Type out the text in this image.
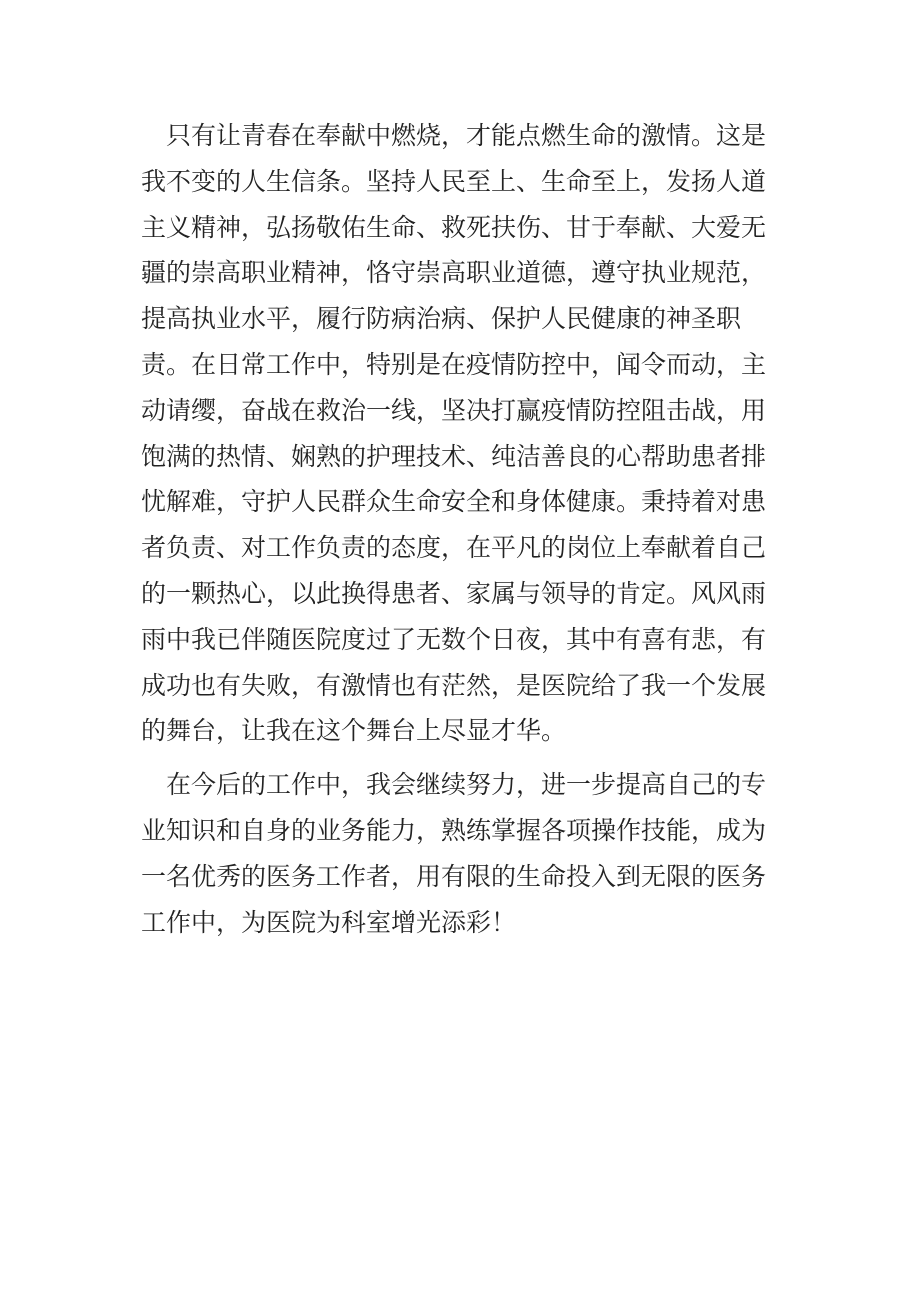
　只有让青春在奉献中燃烧，才能点燃生命的激情。这是
我不变的人生信条。坚持人民至上、生命至上，发扬人道
主义精神，弘扬敬佑生命、救死扶伤、甘于奉献、大爱无
疆的崇高职业精神，恪守崇高职业道德，遵守执业规范，
提高执业水平，履行防病治病、保护人民健康的神圣职
责。在日常工作中，特别是在疫情防控中，闻令而动，主
动请缨，奋战在救治一线，坚决打赢疫情防控阻击战，用
饱满的热情、娴熟的护理技术、纯洁善良的心帮助患者排
忧解难，守护人民群众生命安全和身体健康。秉持着对患
者负责、对工作负责的态度，在平凡的岗位上奉献着自己
的一颗热心，以此换得患者、家属与领导的肯定。风风雨
雨中我已伴随医院度过了无数个日夜，其中有喜有悲，有
成功也有失败，有激情也有茫然，是医院给了我一个发展
的舞台，让我在这个舞台上尽显才华。
　在今后的工作中，我会继续努力，进一步提高自己的专
业知识和自身的业务能力，熟练掌握各项操作技能，成为
一名优秀的医务工作者，用有限的生命投入到无限的医务
工作中，为医院为科室增光添彩！
